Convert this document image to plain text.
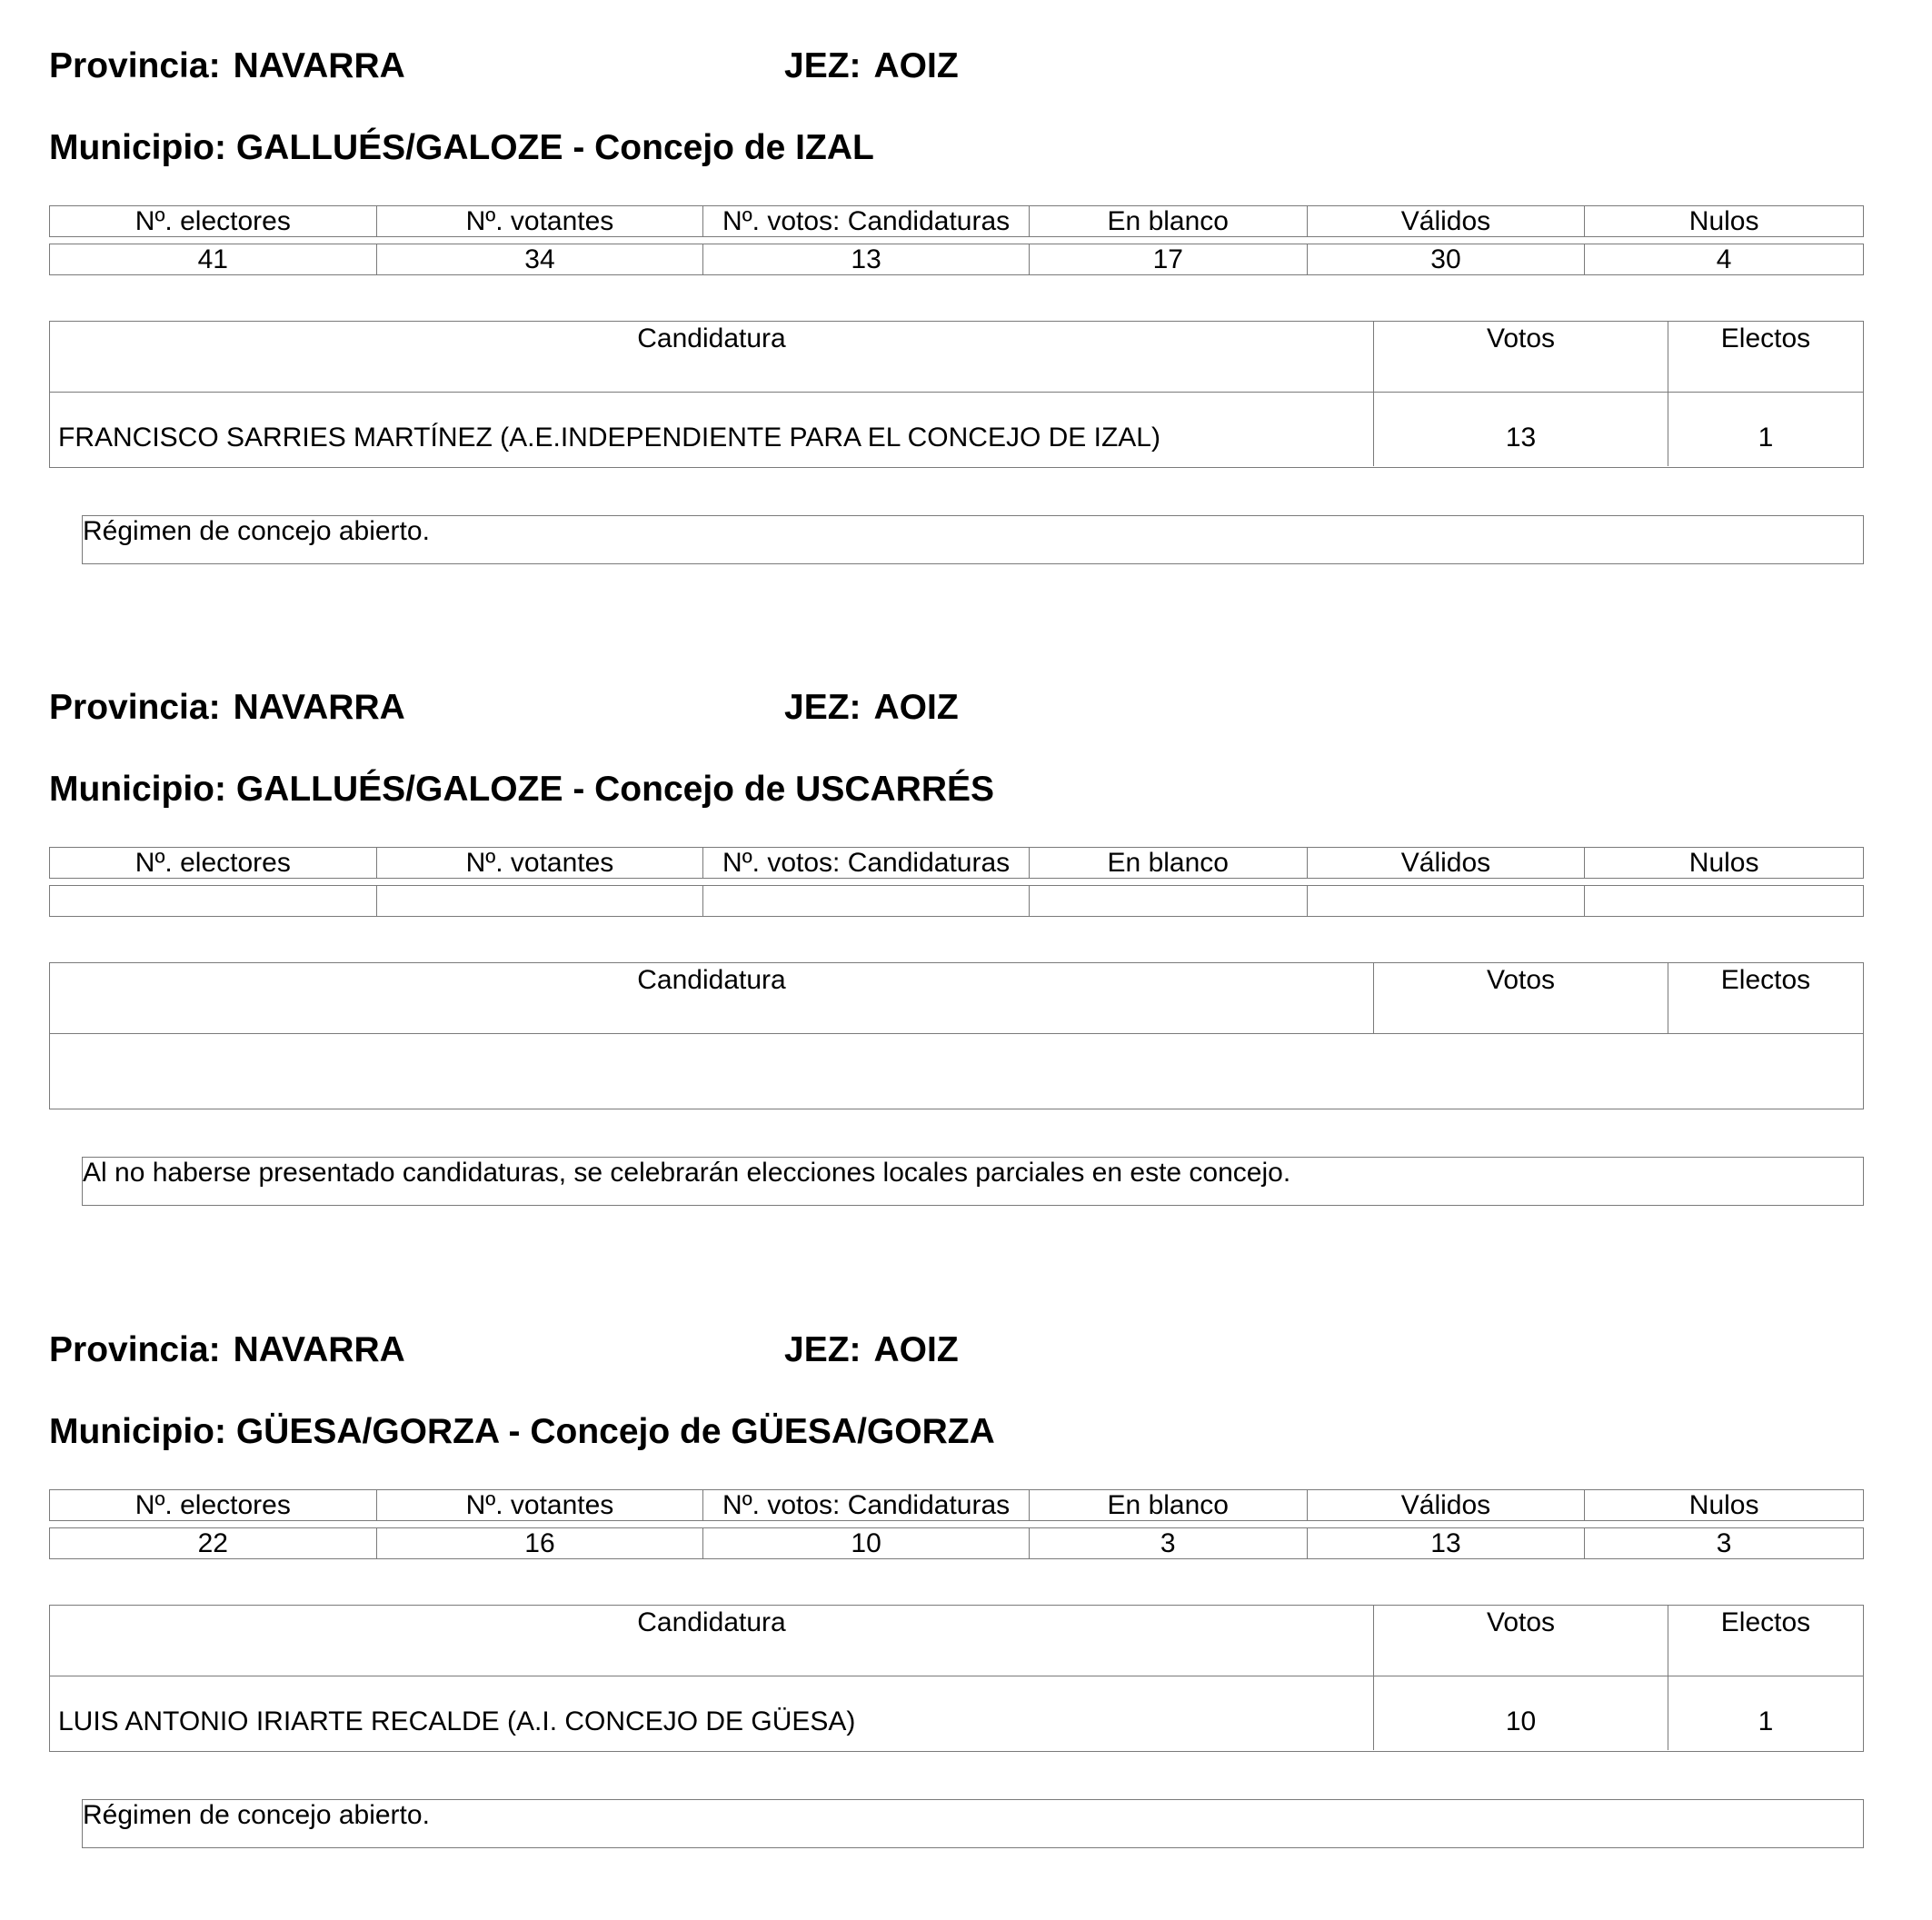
Provincia: NAVARRA	JEZ: AOIZ
Municipio: GALLUÉS/GALOZE - Concejo de IZAL
Nº. electores	Nº. votantes	Nº. votos: Candidaturas	En blanco	Válidos	Nulos
41	34	13	17	30	4
Candidatura	Votos	Electos
FRANCISCO SARRIES MARTÍNEZ (A.E.INDEPENDIENTE PARA EL CONCEJO DE IZAL)	13	1
Régimen de concejo abierto.
Provincia: NAVARRA	JEZ: AOIZ
Municipio: GALLUÉS/GALOZE - Concejo de USCARRÉS
Nº. electores	Nº. votantes	Nº. votos: Candidaturas	En blanco	Válidos	Nulos
Candidatura	Votos	Electos
Al no haberse presentado candidaturas, se celebrarán elecciones locales parciales en este concejo.
Provincia: NAVARRA	JEZ: AOIZ
Municipio: GÜESA/GORZA - Concejo de GÜESA/GORZA
Nº. electores	Nº. votantes	Nº. votos: Candidaturas	En blanco	Válidos	Nulos
22	16	10	3	13	3
Candidatura	Votos	Electos
LUIS ANTONIO IRIARTE RECALDE (A.I. CONCEJO DE GÜESA)	10	1
Régimen de concejo abierto.
